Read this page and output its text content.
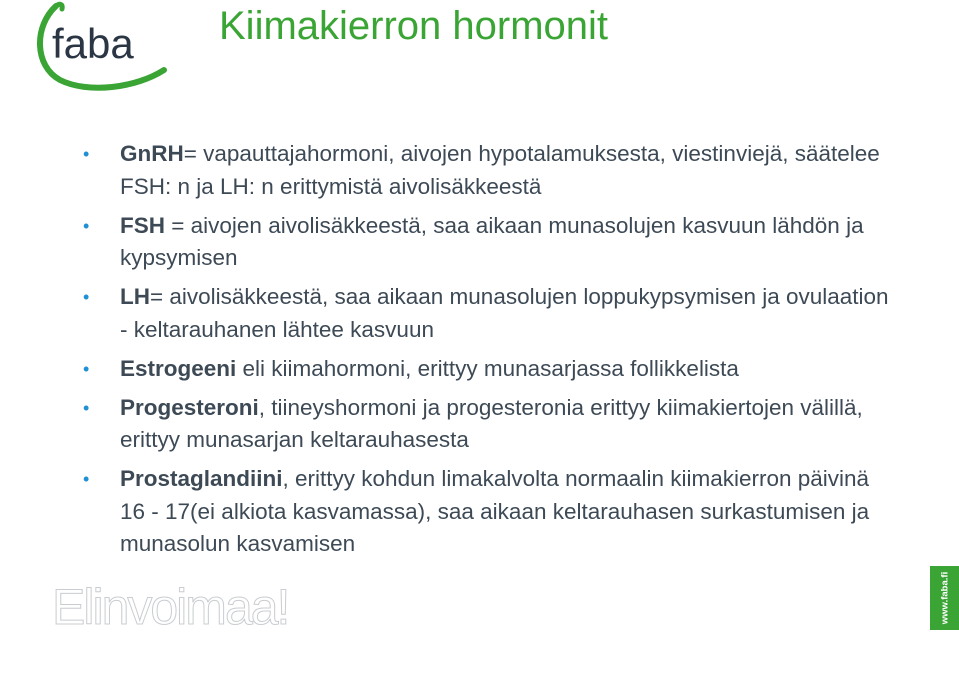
faba Kiimakierron hormonit
• GnRH= vapauttajahormoni, aivojen hypotalamuksesta, viestinviejä, säätelee FSH: n ja LH: n erittymistä aivolisäkkeestä
• FSH = aivojen aivolisäkkeestä, saa aikaan munasolujen kasvuun lähdön ja kypsymisen
• LH= aivolisäkkeestä, saa aikaan munasolujen loppukypsymisen ja ovulaation - keltarauhanen lähtee kasvuun
• Estrogeeni eli kiimahormoni, erittyy munasarjassa follikkelista
• Progesteroni, tiineyshormoni ja progesteronia erittyy kiimakiertojen välillä, erittyy munasarjan keltarauhasesta
• Prostaglandiini, erittyy kohdun limakalvolta normaalin kiimakierron päivinä 16 - 17(ei alkiota kasvamassa), saa aikaan keltarauhasen surkastumisen ja munasolun kasvamisen

Elinvoimaa!	www.faba.fi
